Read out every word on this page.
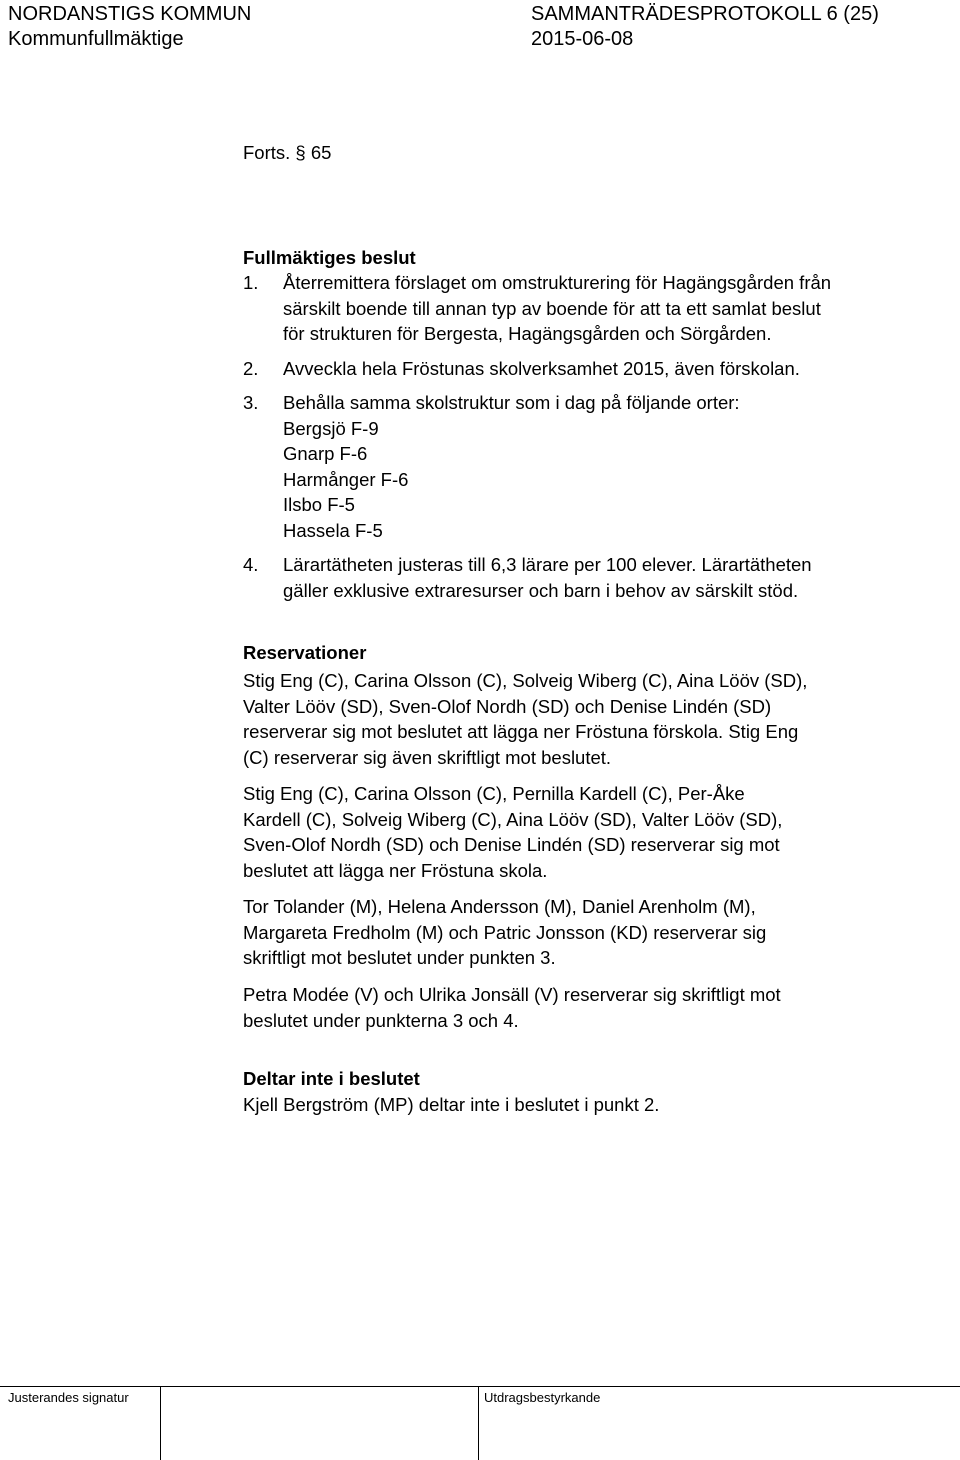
NORDANSTIGS KOMMUN
Kommunfullmäktige
SAMMANTRÄDESPROTOKOLL 6 (25)
2015-06-08
Forts. § 65
Fullmäktiges beslut
1. Återremittera förslaget om omstrukturering för Hagängsgården från
särskilt boende till annan typ av boende för att ta ett samlat beslut
för strukturen för Bergesta, Hagängsgården och Sörgården.
2. Avveckla hela Fröstunas skolverksamhet 2015, även förskolan.
3. Behålla samma skolstruktur som i dag på följande orter:
Bergsjö F-9
Gnarp F-6
Harmånger F-6
Ilsbo F-5
Hassela F-5
4. Lärartätheten justeras till 6,3 lärare per 100 elever. Lärartätheten
gäller exklusive extraresurser och barn i behov av särskilt stöd.
Reservationer
Stig Eng (C), Carina Olsson (C), Solveig Wiberg (C), Aina Lööv (SD),
Valter Lööv (SD), Sven-Olof Nordh (SD) och Denise Lindén (SD)
reserverar sig mot beslutet att lägga ner Fröstuna förskola. Stig Eng
(C) reserverar sig även skriftligt mot beslutet.
Stig Eng (C), Carina Olsson (C), Pernilla Kardell (C), Per-Åke
Kardell (C), Solveig Wiberg (C), Aina Lööv (SD), Valter Lööv (SD),
Sven-Olof Nordh (SD) och Denise Lindén (SD) reserverar sig mot
beslutet att lägga ner Fröstuna skola.
Tor Tolander (M), Helena Andersson (M), Daniel Arenholm (M),
Margareta Fredholm (M) och Patric Jonsson (KD) reserverar sig
skriftligt mot beslutet under punkten 3.
Petra Modée (V) och Ulrika Jonsäll (V) reserverar sig skriftligt mot
beslutet under punkterna 3 och 4.
Deltar inte i beslutet
Kjell Bergström (MP) deltar inte i beslutet i punkt 2.
Justerandes signatur	Utdragsbestyrkande
